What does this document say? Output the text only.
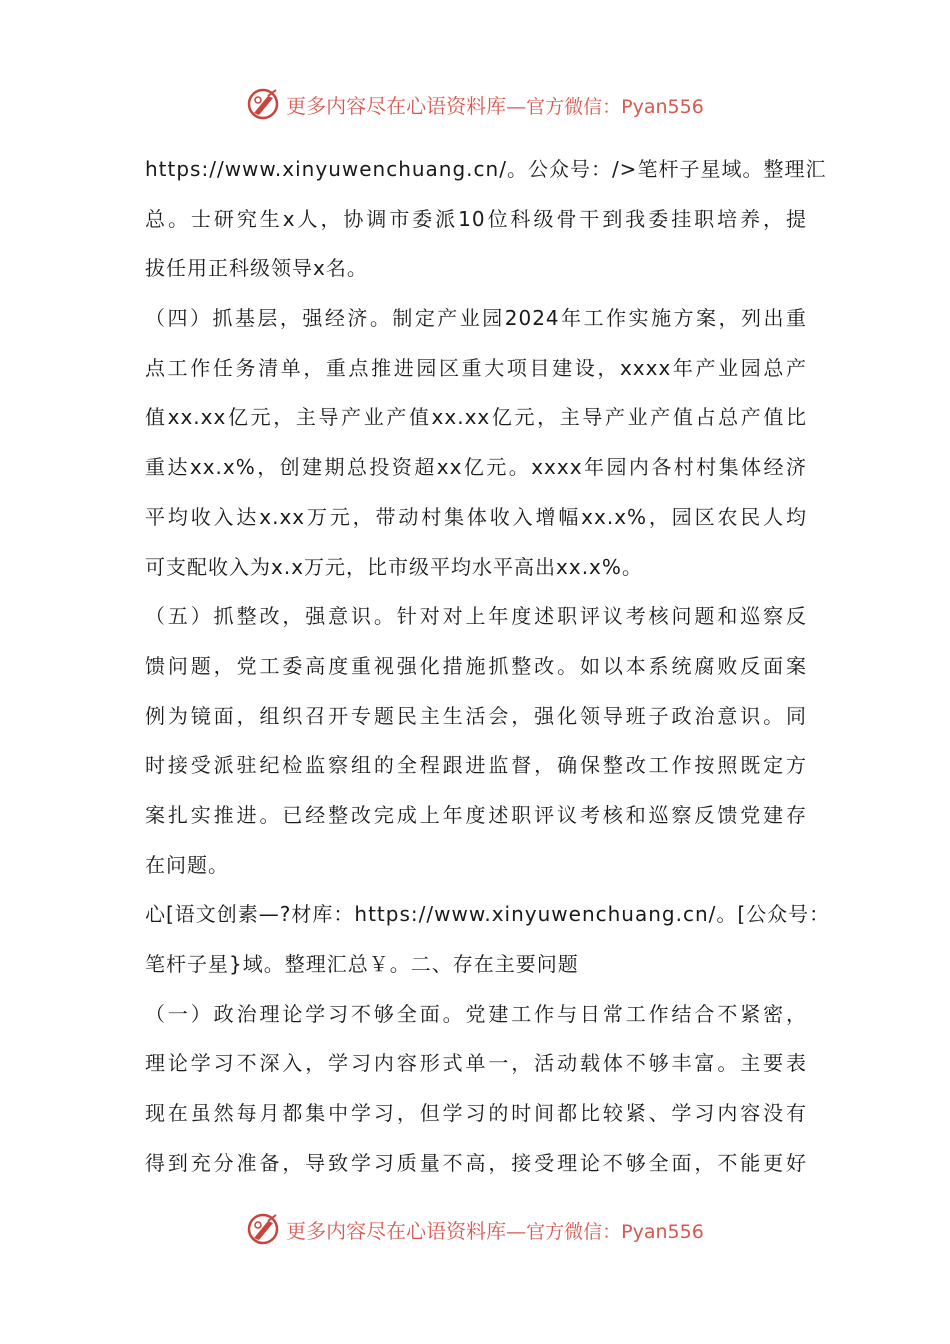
更多内容尽在心语资料库—官方微信：Pyan556
https://www.xinyuwenchuang.cn/。公众号：/>笔杆子星域。整理汇
总。士研究生x人，协调市委派10位科级骨干到我委挂职培养，提
拔任用正科级领导x名。
（四）抓基层，强经济。制定产业园2024年工作实施方案，列出重
点工作任务清单，重点推进园区重大项目建设，xxxx年产业园总产
值xx.xx亿元，主导产业产值xx.xx亿元，主导产业产值占总产值比
重达xx.x%，创建期总投资超xx亿元。xxxx年园内各村村集体经济
平均收入达x.xx万元，带动村集体收入增幅xx.x%，园区农民人均
可支配收入为x.x万元，比市级平均水平高出xx.x%。
（五）抓整改，强意识。针对对上年度述职评议考核问题和巡察反
馈问题，党工委高度重视强化措施抓整改。如以本系统腐败反面案
例为镜面，组织召开专题民主生活会，强化领导班子政治意识。同
时接受派驻纪检监察组的全程跟进监督，确保整改工作按照既定方
案扎实推进。已经整改完成上年度述职评议考核和巡察反馈党建存
在问题。
心[语文创素—?材库：https://www.xinyuwenchuang.cn/。[公众号：
笔杆子星}域。整理汇总￥。二、存在主要问题
（一）政治理论学习不够全面。党建工作与日常工作结合不紧密，
理论学习不深入，学习内容形式单一，活动载体不够丰富。主要表
现在虽然每月都集中学习，但学习的时间都比较紧、学习内容没有
得到充分准备，导致学习质量不高，接受理论不够全面，不能更好
更多内容尽在心语资料库—官方微信：Pyan556
